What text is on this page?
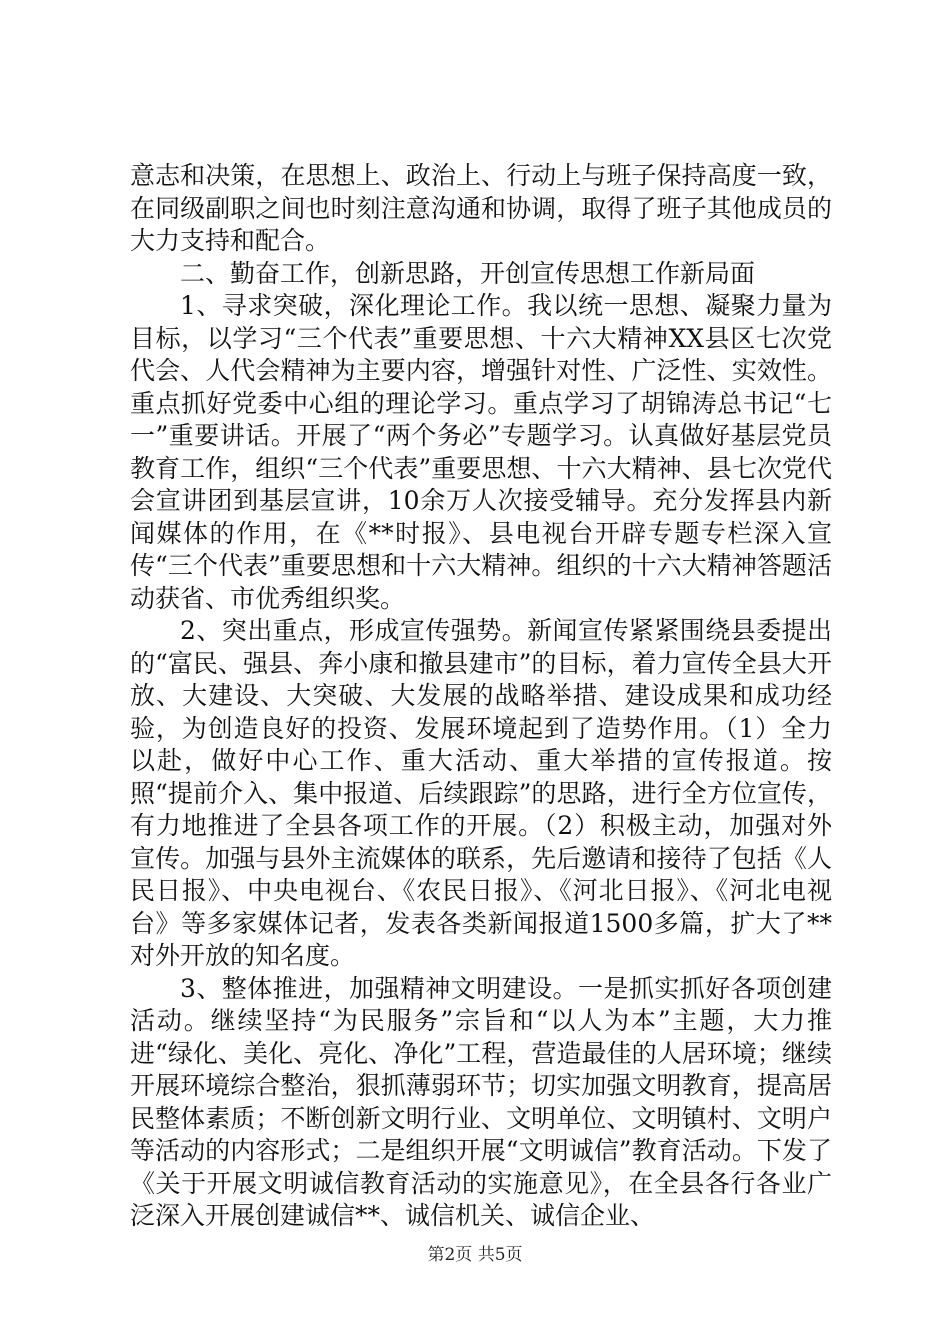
意志和决策，在思想上、政治上、行动上与班子保持高度一致，在同级副职之间也时刻注意沟通和协调，取得了班子其他成员的大力支持和配合。

二、勤奋工作，创新思路，开创宣传思想工作新局面

1、寻求突破，深化理论工作。我以统一思想、凝聚力量为目标，以学习“三个代表”重要思想、十六大精神XX县区七次党代会、人代会精神为主要内容，增强针对性、广泛性、实效性。重点抓好党委中心组的理论学习。重点学习了胡锦涛总书记“七一”重要讲话。开展了“两个务必”专题学习。认真做好基层党员教育工作，组织“三个代表”重要思想、十六大精神、县七次党代会宣讲团到基层宣讲，10余万人次接受辅导。充分发挥县内新闻媒体的作用，在《**时报》、县电视台开辟专题专栏深入宣传“三个代表”重要思想和十六大精神。组织的十六大精神答题活动获省、市优秀组织奖。

2、突出重点，形成宣传强势。新闻宣传紧紧围绕县委提出的“富民、强县、奔小康和撤县建市”的目标，着力宣传全县大开放、大建设、大突破、大发展的战略举措、建设成果和成功经验，为创造良好的投资、发展环境起到了造势作用。（1）全力以赴，做好中心工作、重大活动、重大举措的宣传报道。按照“提前介入、集中报道、后续跟踪”的思路，进行全方位宣传，有力地推进了全县各项工作的开展。（2）积极主动，加强对外宣传。加强与县外主流媒体的联系，先后邀请和接待了包括《人民日报》、中央电视台、《农民日报》、《河北日报》、《河北电视台》等多家媒体记者，发表各类新闻报道1500多篇，扩大了**对外开放的知名度。

3、整体推进，加强精神文明建设。一是抓实抓好各项创建活动。继续坚持“为民服务”宗旨和“以人为本”主题，大力推进“绿化、美化、亮化、净化”工程，营造最佳的人居环境；继续开展环境综合整治，狠抓薄弱环节；切实加强文明教育，提高居民整体素质；不断创新文明行业、文明单位、文明镇村、文明户等活动的内容形式；二是组织开展“文明诚信”教育活动。下发了《关于开展文明诚信教育活动的实施意见》，在全县各行各业广泛深入开展创建诚信**、诚信机关、诚信企业、

第2页 共5页
